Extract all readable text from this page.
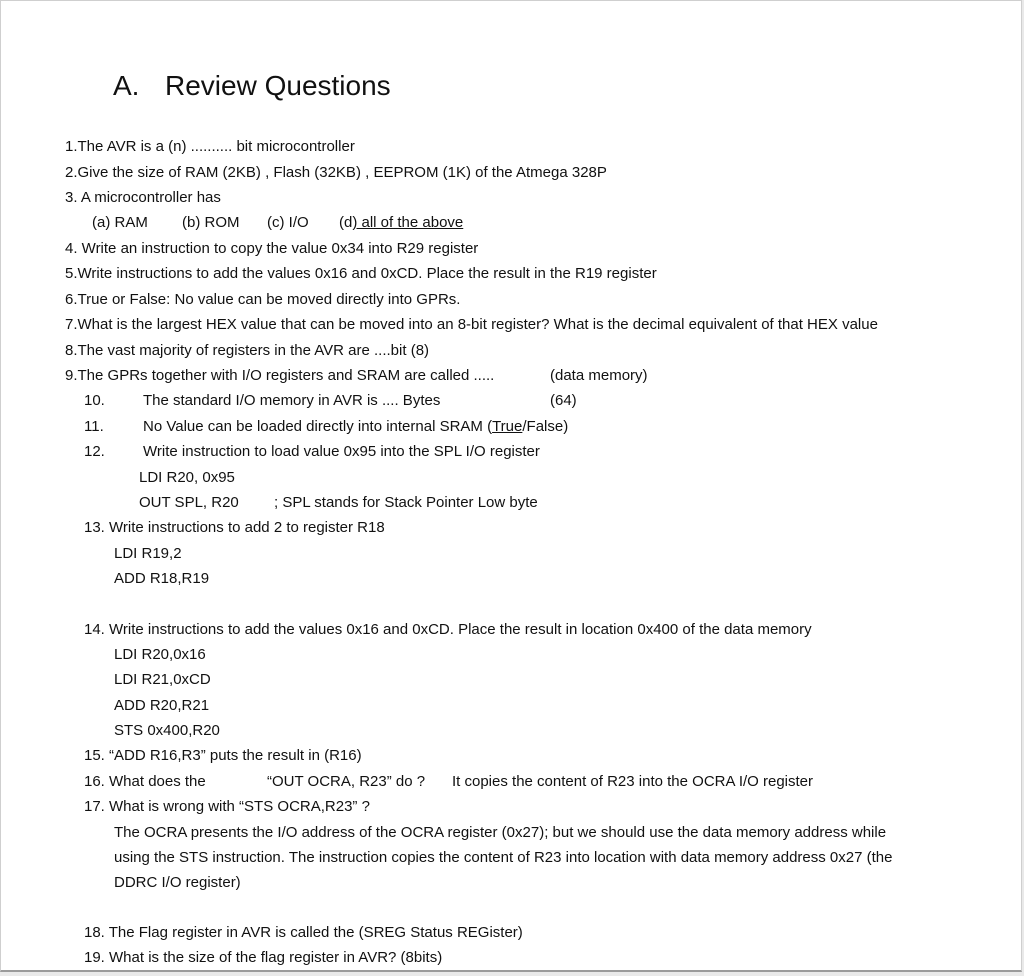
A. Review Questions
1.The AVR is a (n) .......... bit microcontroller
2.Give the size of RAM (2KB) , Flash (32KB) , EEPROM (1K) of the Atmega 328P
3. A microcontroller has
(a) RAM (b) ROM (c) I/O (d) all of the above
4. Write an instruction to copy the value 0x34 into R29 register
5.Write instructions to add the values 0x16 and 0xCD. Place the result in the R19 register
6.True or False: No value can be moved directly into GPRs.
7.What is the largest HEX value that can be moved into an 8-bit register? What is the decimal equivalent of that HEX value
8.The vast majority of registers in the AVR are ....bit (8)
9.The GPRs together with I/O registers and SRAM are called .....	(data memory)
10.	The standard I/O memory in AVR is .... Bytes	(64)
11.	No Value can be loaded directly into internal SRAM (True/False)
12.	Write instruction to load value 0x95 into the SPL I/O register
LDI R20, 0x95
OUT SPL, R20 ; SPL stands for Stack Pointer Low byte
13. Write instructions to add 2 to register R18
LDI R19,2
ADD R18,R19
14. Write instructions to add the values 0x16 and 0xCD. Place the result in location 0x400 of the data memory
LDI R20,0x16
LDI R21,0xCD
ADD R20,R21
STS 0x400,R20
15. “ADD R16,R3” puts the result in (R16)
16. What does the	“OUT OCRA, R23” do ? It copies the content of R23 into the OCRA I/O register
17. What is wrong with “STS OCRA,R23” ?
The OCRA presents the I/O address of the OCRA register (0x27); but we should use the data memory address while
using the STS instruction. The instruction copies the content of R23 into location with data memory address 0x27 (the
DDRC I/O register)
18. The Flag register in AVR is called the (SREG Status REGister)
19. What is the size of the flag register in AVR? (8bits)
